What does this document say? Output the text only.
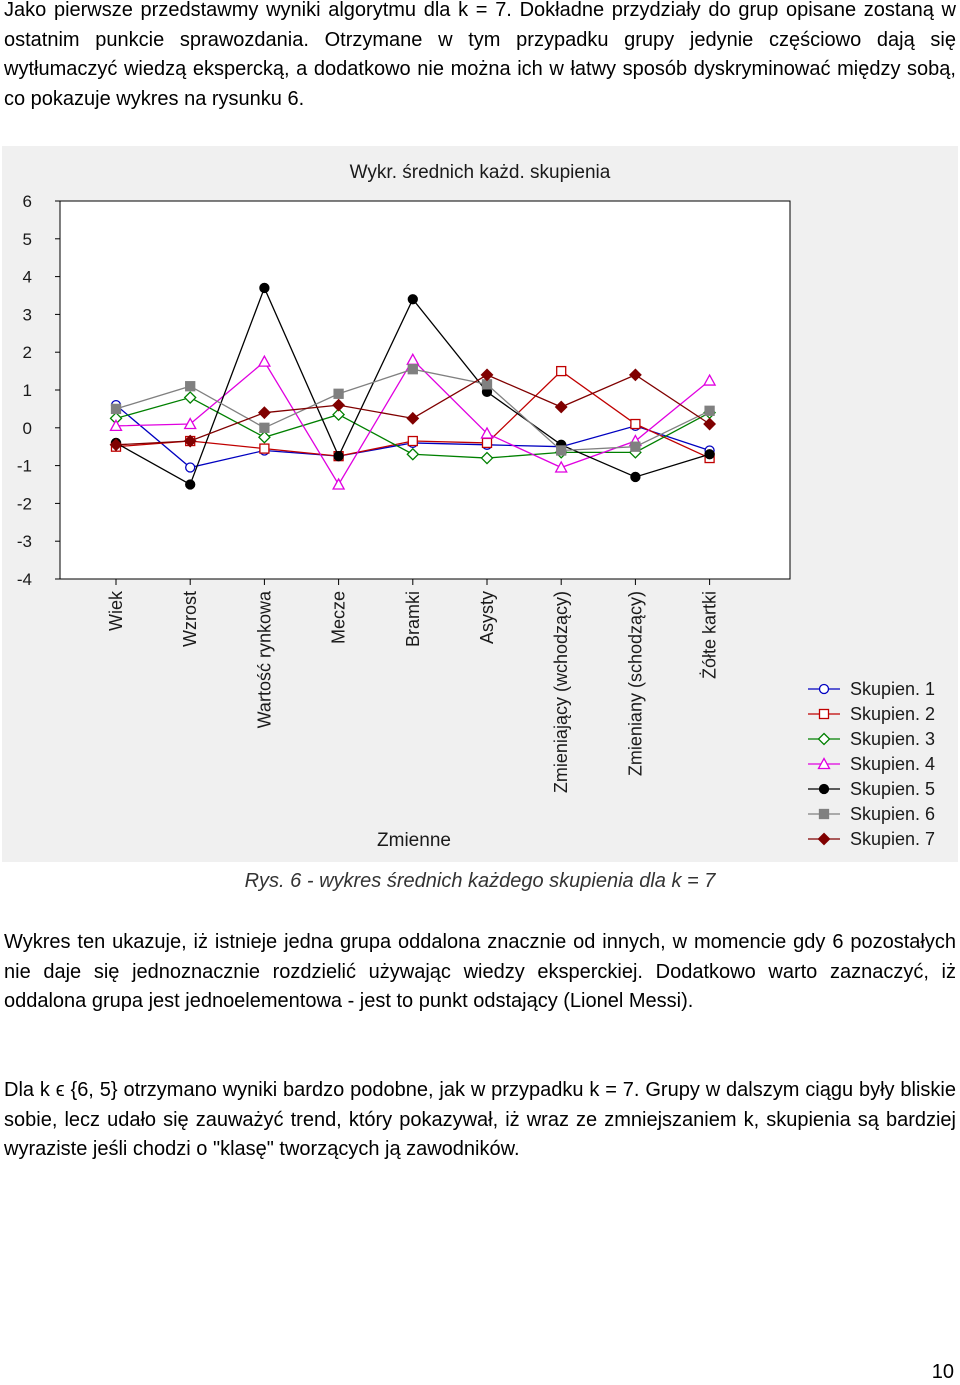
Jako pierwsze przedstawmy wyniki algorytmu dla k = 7. Dokładne przydziały do grup opisane zostaną w ostatnim punkcie sprawozdania. Otrzymane w tym przypadku grupy jedynie częściowo dają się wytłumaczyć wiedzą ekspercką, a dodatkowo nie można ich w łatwy sposób dyskryminować między sobą, co pokazuje wykres na rysunku 6.

Wykr. średnich każd. skupienia
6
5
4
3
2
1
0
-1
-2
-3
-4
Wiek	Wzrost	Wartość rynkowa	Mecze	Bramki	Asysty	Zmieniający (wchodzący)	Zmieniany (schodzący)	Żółte kartki
Zmienne
Skupien. 1
Skupien. 2
Skupien. 3
Skupien. 4
Skupien. 5
Skupien. 6
Skupien. 7
Rys. 6 - wykres średnich każdego skupienia dla k = 7

Wykres ten ukazuje, iż istnieje jedna grupa oddalona znacznie od innych, w momencie gdy 6 pozostałych nie daje się jednoznacznie rozdzielić używając wiedzy eksperckiej. Dodatkowo warto zaznaczyć, iż oddalona grupa jest jednoelementowa - jest to punkt odstający (Lionel Messi).

Dla k ϵ {6, 5} otrzymano wyniki bardzo podobne, jak w przypadku k = 7. Grupy w dalszym ciągu były bliskie sobie, lecz udało się zauważyć trend, który pokazywał, iż wraz ze zmniejszaniem k, skupienia są bardziej wyraziste jeśli chodzi o "klasę" tworzących ją zawodników.

10
